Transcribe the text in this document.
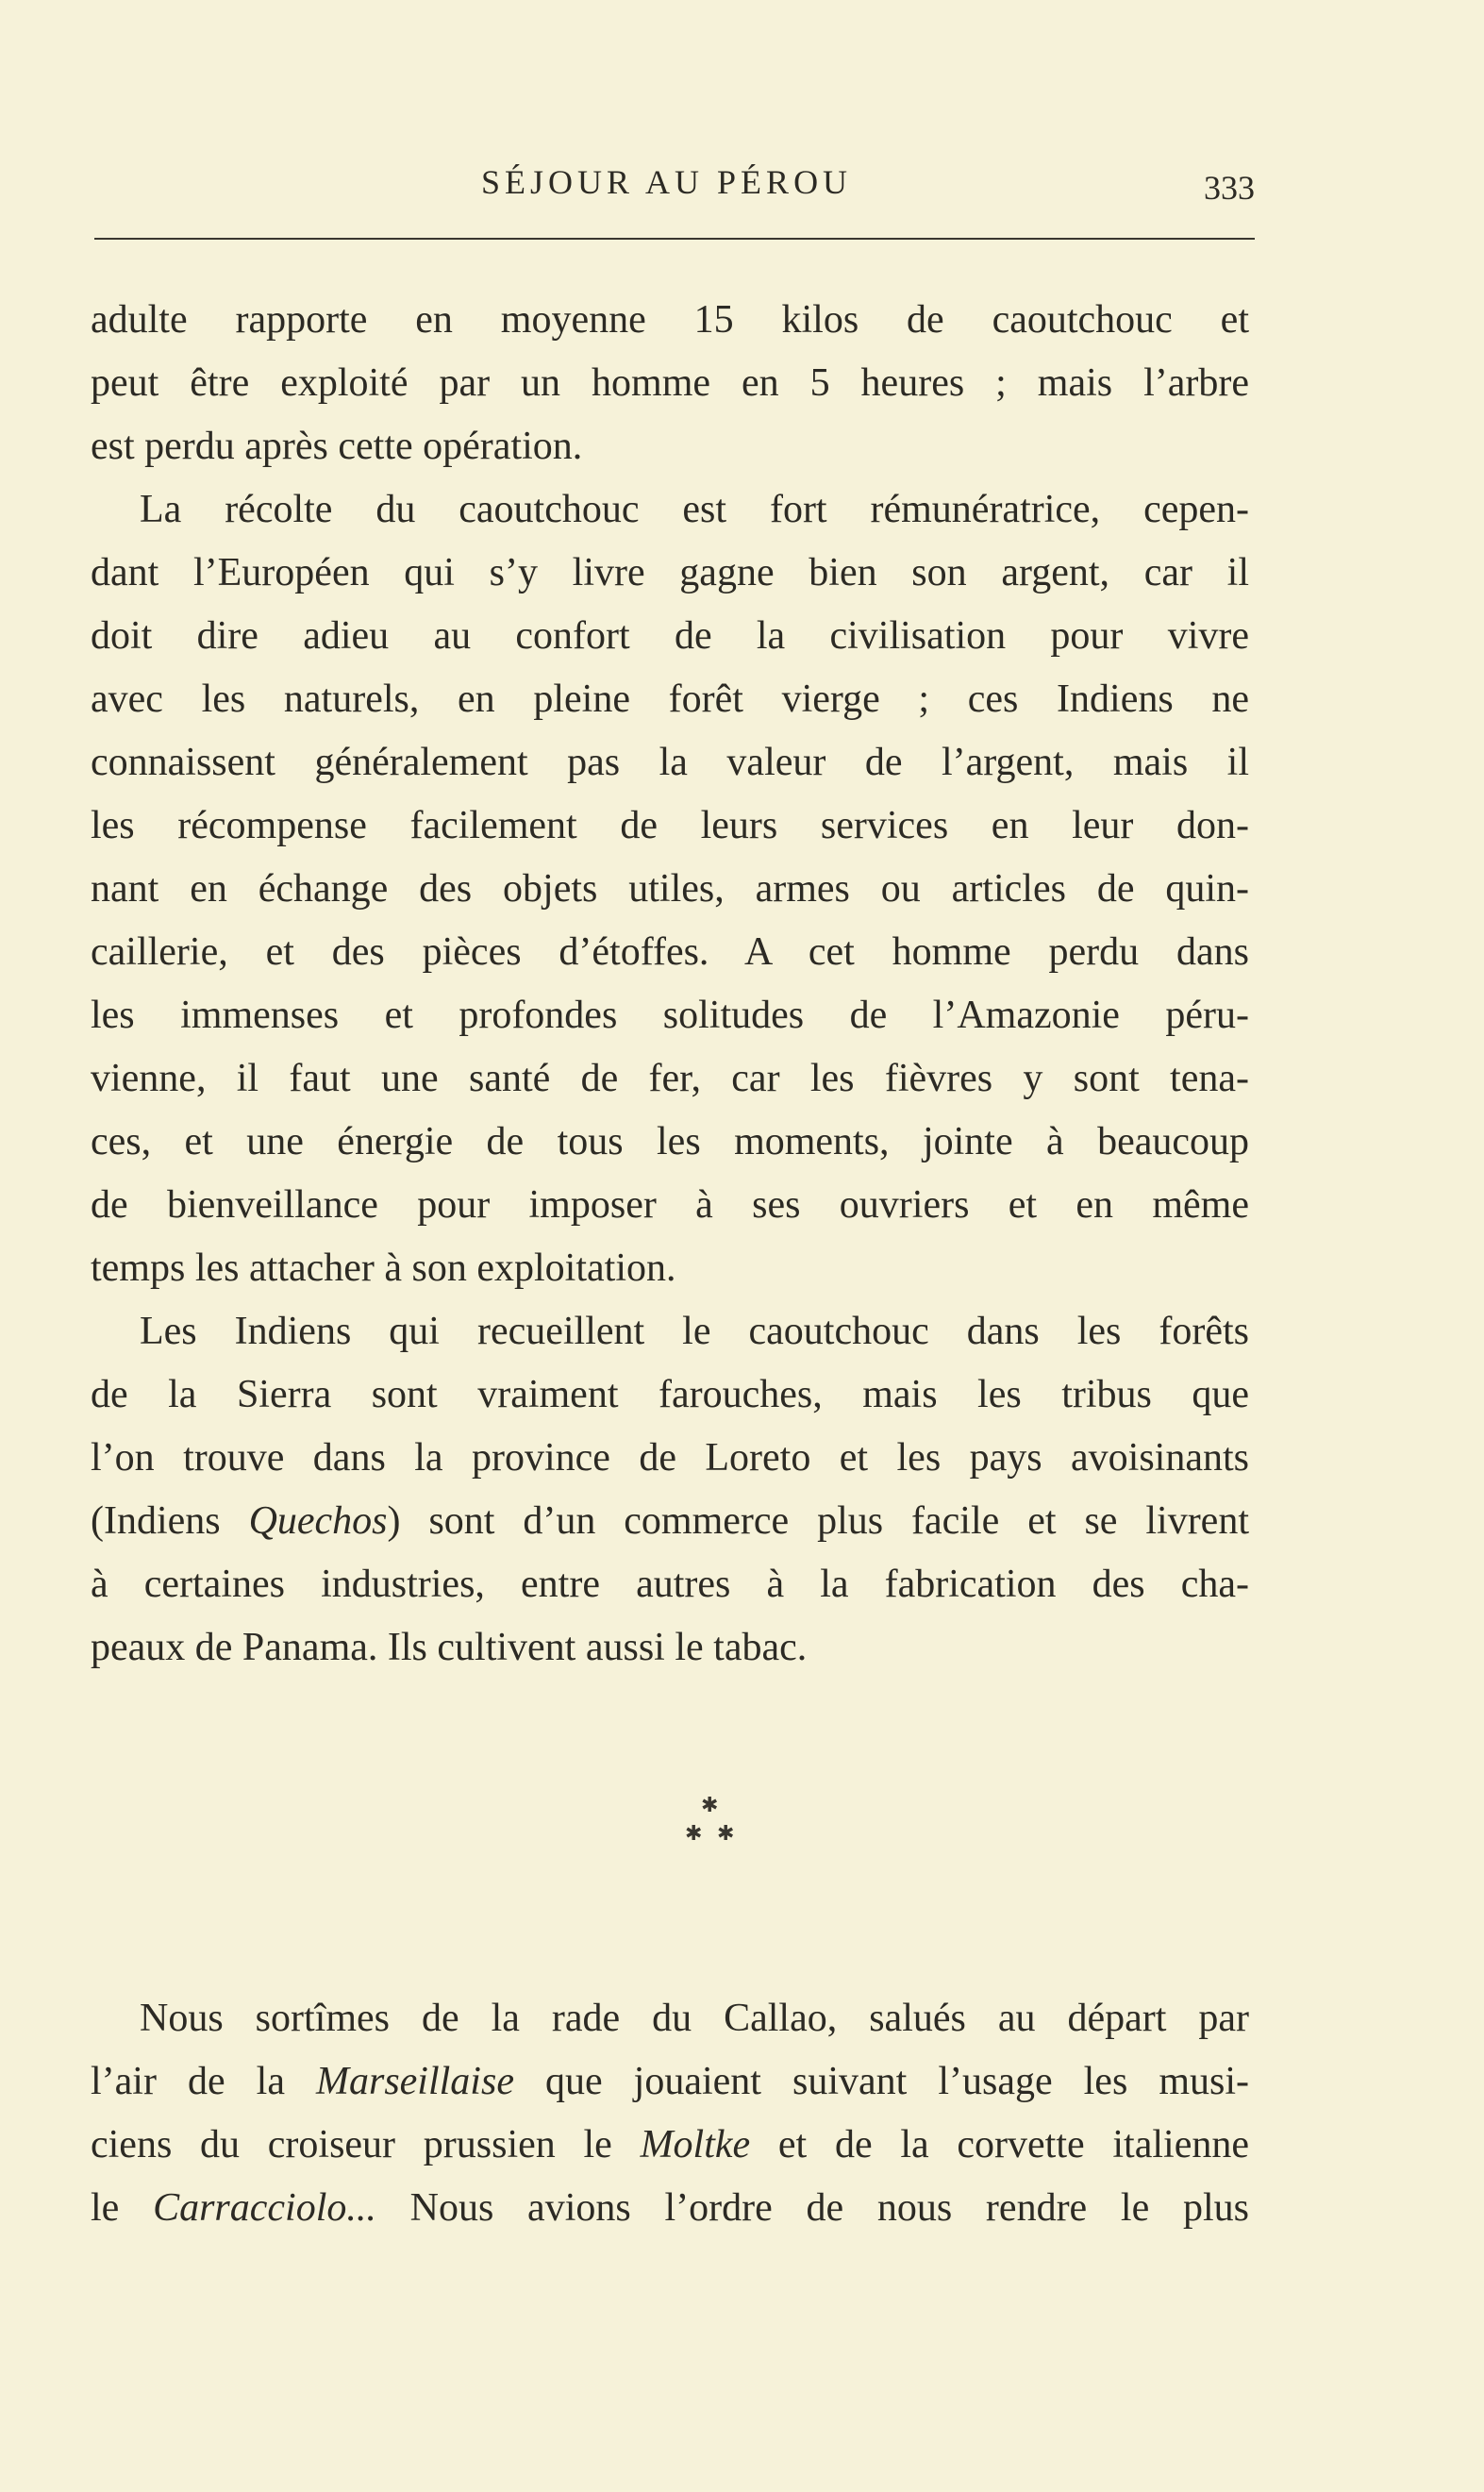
SÉJOUR AU PÉROU	333
adulte rapporte en moyenne 15 kilos de caoutchouc et
peut être exploité par un homme en 5 heures ; mais l’arbre
est perdu après cette opération.
La récolte du caoutchouc est fort rémunératrice, cepen-
dant l’Européen qui s’y livre gagne bien son argent, car il
doit dire adieu au confort de la civilisation pour vivre
avec les naturels, en pleine forêt vierge ; ces Indiens ne
connaissent généralement pas la valeur de l’argent, mais il
les récompense facilement de leurs services en leur don-
nant en échange des objets utiles, armes ou articles de quin-
caillerie, et des pièces d’étoffes. A cet homme perdu dans
les immenses et profondes solitudes de l’Amazonie péru-
vienne, il faut une santé de fer, car les fièvres y sont tena-
ces, et une énergie de tous les moments, jointe à beaucoup
de bienveillance pour imposer à ses ouvriers et en même
temps les attacher à son exploitation.
Les Indiens qui recueillent le caoutchouc dans les forêts
de la Sierra sont vraiment farouches, mais les tribus que
l’on trouve dans la province de Loreto et les pays avoisinants
(Indiens Quechos) sont d’un commerce plus facile et se livrent
à certaines industries, entre autres à la fabrication des cha-
peaux de Panama. Ils cultivent aussi le tabac.
✱
✱ ✱
Nous sortîmes de la rade du Callao, salués au départ par
l’air de la Marseillaise que jouaient suivant l’usage les musi-
ciens du croiseur prussien le Moltke et de la corvette italienne
le Carracciolo... Nous avions l’ordre de nous rendre le plus
